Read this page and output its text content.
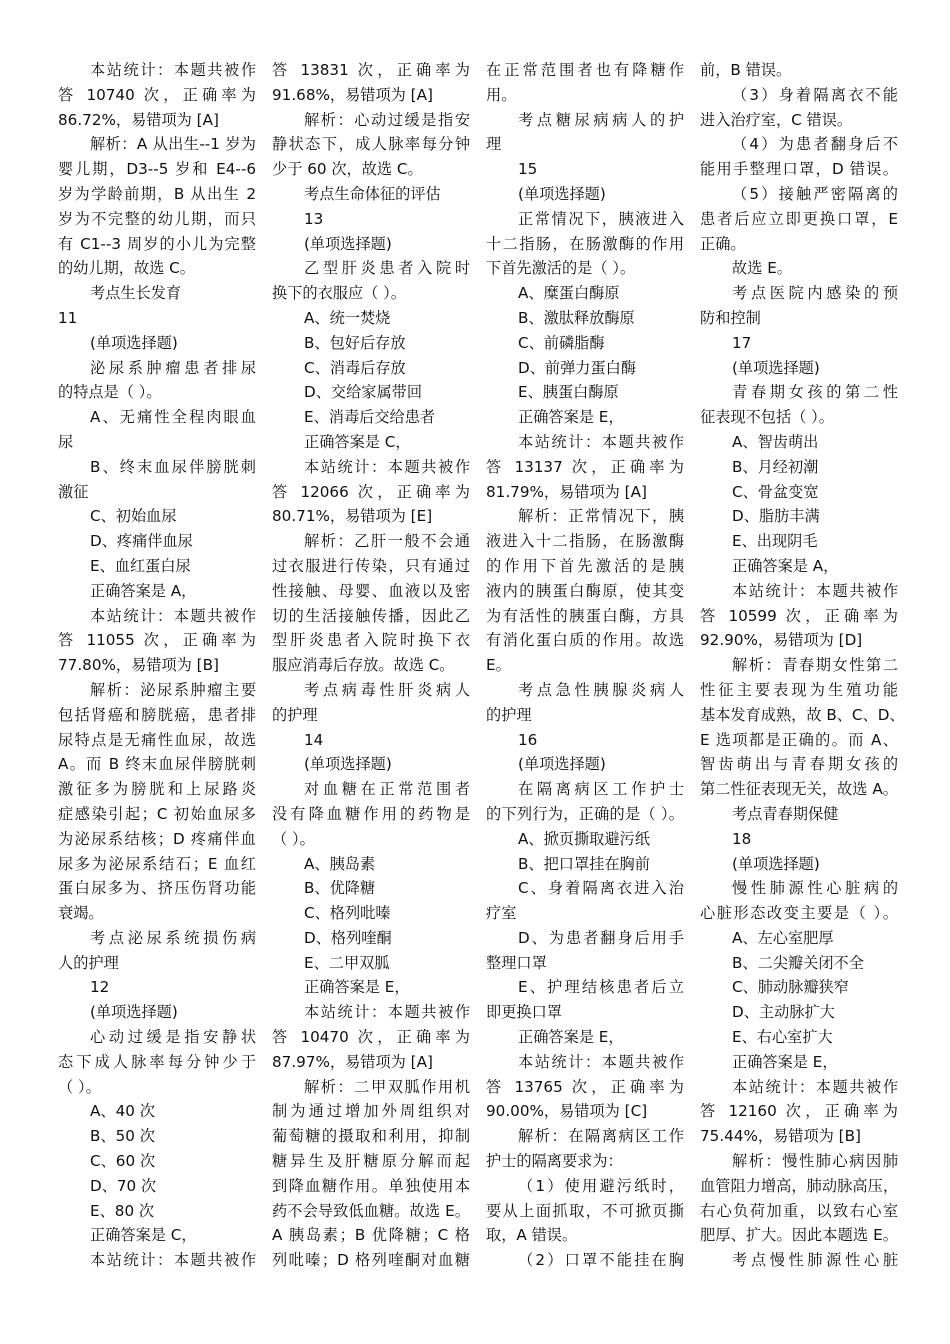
本站统计：本题共被作
答 10740 次，正确率为
86.72%，易错项为 [A]
解析：A 从出生--1 岁为
婴儿期，D3--5 岁和 E4--6
岁为学龄前期，B 从出生 2
岁为不完整的幼儿期，而只
有 C1--3 周岁的小儿为完整
的幼儿期，故选 C。
考点生长发育
11
(单项选择题)
泌尿系肿瘤患者排尿
的特点是（ ）。
A、无痛性全程肉眼血
尿
B、终末血尿伴膀胱刺
激征
C、初始血尿
D、疼痛伴血尿
E、血红蛋白尿
正确答案是 A，
本站统计：本题共被作
答 11055 次，正确率为
77.80%，易错项为 [B]
解析：泌尿系肿瘤主要
包括肾癌和膀胱癌，患者排
尿特点是无痛性血尿，故选
A。而 B 终末血尿伴膀胱刺
激征多为膀胱和上尿路炎
症感染引起；C 初始血尿多
为泌尿系结核；D 疼痛伴血
尿多为泌尿系结石；E 血红
蛋白尿多为、挤压伤肾功能
衰竭。
考点泌尿系统损伤病
人的护理
12
(单项选择题)
心动过缓是指安静状
态下成人脉率每分钟少于
（ ）。
A、40 次
B、50 次
C、60 次
D、70 次
E、80 次
正确答案是 C，
本站统计：本题共被作
答 13831 次，正确率为
91.68%，易错项为 [A]
解析：心动过缓是指安
静状态下，成人脉率每分钟
少于 60 次，故选 C。
考点生命体征的评估
13
(单项选择题)
乙型肝炎患者入院时
换下的衣服应（ ）。
A、统一焚烧
B、包好后存放
C、消毒后存放
D、交给家属带回
E、消毒后交给患者
正确答案是 C，
本站统计：本题共被作
答 12066 次，正确率为
80.71%，易错项为 [E]
解析：乙肝一般不会通
过衣服进行传染，只有通过
性接触、母婴、血液以及密
切的生活接触传播，因此乙
型肝炎患者入院时换下衣
服应消毒后存放。故选 C。
考点病毒性肝炎病人
的护理
14
(单项选择题)
对血糖在正常范围者
没有降血糖作用的药物是
（ ）。
A、胰岛素
B、优降糖
C、格列吡嗪
D、格列喹酮
E、二甲双胍
正确答案是 E，
本站统计：本题共被作
答 10470 次，正确率为
87.97%，易错项为 [A]
解析：二甲双胍作用机
制为通过增加外周组织对
葡萄糖的摄取和利用，抑制
糖异生及肝糖原分解而起
到降血糖作用。单独使用本
药不会导致低血糖。故选 E。
A 胰岛素；B 优降糖；C 格
列吡嗪；D 格列喹酮对血糖
在正常范围者也有降糖作
用。
考点糖尿病病人的护
理
15
(单项选择题)
正常情况下，胰液进入
十二指肠，在肠激酶的作用
下首先激活的是（ ）。
A、糜蛋白酶原
B、激肽释放酶原
C、前磷脂酶
D、前弹力蛋白酶
E、胰蛋白酶原
正确答案是 E，
本站统计：本题共被作
答 13137 次，正确率为
81.79%，易错项为 [A]
解析：正常情况下，胰
液进入十二指肠，在肠激酶
的作用下首先激活的是胰
液内的胰蛋白酶原，使其变
为有活性的胰蛋白酶，方具
有消化蛋白质的作用。故选
E。
考点急性胰腺炎病人
的护理
16
(单项选择题)
在隔离病区工作护士
的下列行为，正确的是（ ）。
A、掀页撕取避污纸
B、把口罩挂在胸前
C、身着隔离衣进入治
疗室
D、为患者翻身后用手
整理口罩
E、护理结核患者后立
即更换口罩
正确答案是 E，
本站统计：本题共被作
答 13765 次，正确率为
90.00%，易错项为 [C]
解析：在隔离病区工作
护士的隔离要求为：
（1）使用避污纸时，
要从上面抓取，不可掀页撕
取，A 错误。
（2）口罩不能挂在胸
前，B 错误。
（3）身着隔离衣不能
进入治疗室，C 错误。
（4）为患者翻身后不
能用手整理口罩，D 错误。
（5）接触严密隔离的
患者后应立即更换口罩，E
正确。
故选 E。
考点医院内感染的预
防和控制
17
(单项选择题)
青春期女孩的第二性
征表现不包括（ ）。
A、智齿萌出
B、月经初潮
C、骨盆变宽
D、脂肪丰满
E、出现阴毛
正确答案是 A，
本站统计：本题共被作
答 10599 次，正确率为
92.90%，易错项为 [D]
解析：青春期女性第二
性征主要表现为生殖功能
基本发育成熟，故 B、C、D、
E 选项都是正确的。而 A、
智齿萌出与青春期女孩的
第二性征表现无关，故选 A。
考点青春期保健
18
(单项选择题)
慢性肺源性心脏病的
心脏形态改变主要是（ ）。
A、左心室肥厚
B、二尖瓣关闭不全
C、肺动脉瓣狭窄
D、主动脉扩大
E、右心室扩大
正确答案是 E，
本站统计：本题共被作
答 12160 次，正确率为
75.44%，易错项为 [B]
解析：慢性肺心病因肺
血管阻力增高，肺动脉高压，
右心负荷加重，以致右心室
肥厚、扩大。因此本题选 E。
考点慢性肺源性心脏
